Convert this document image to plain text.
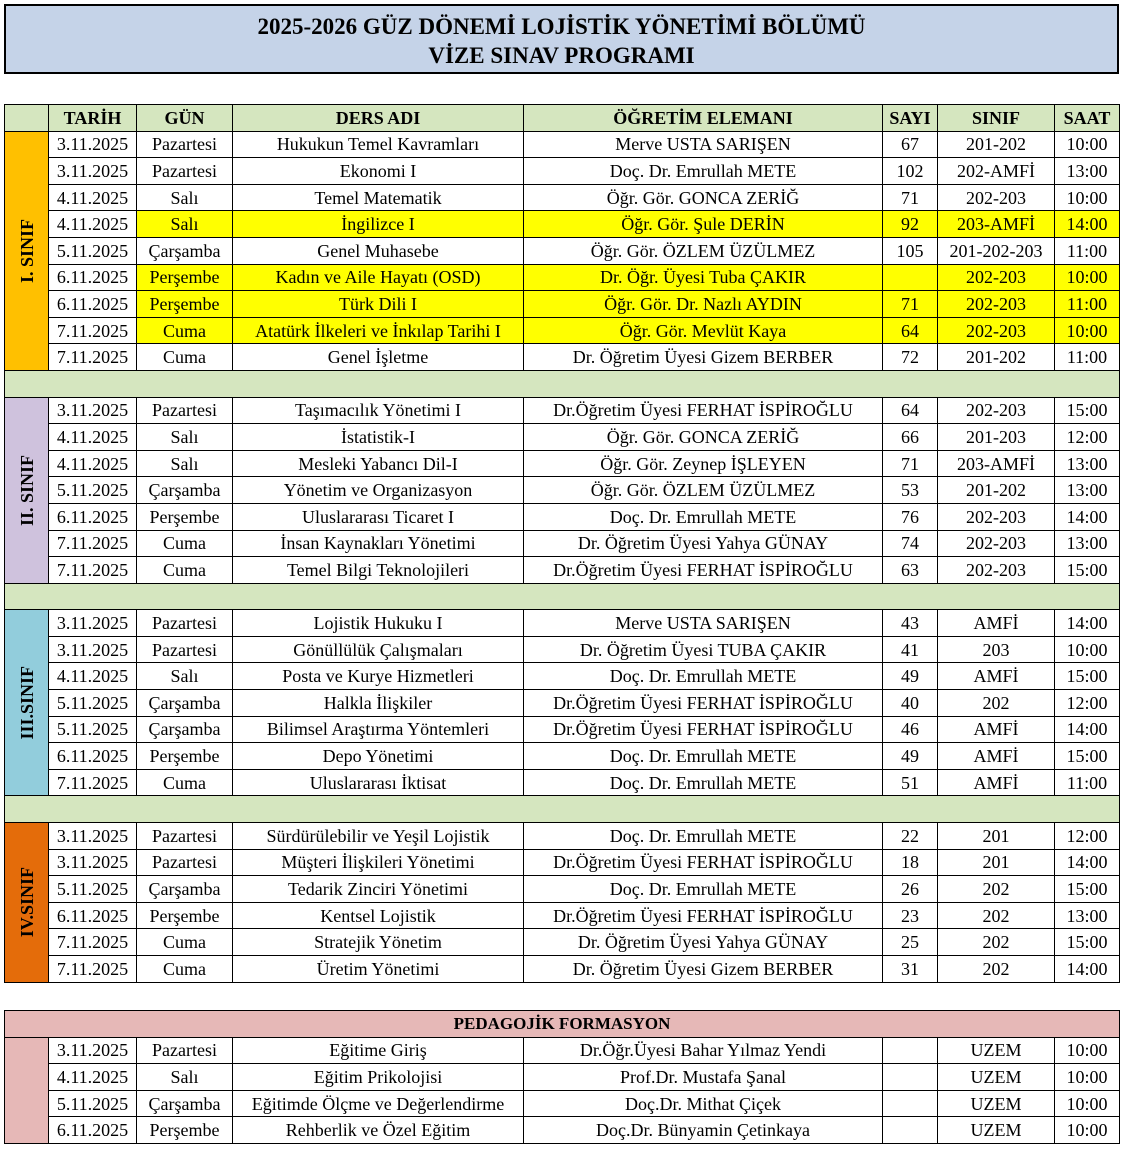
2025-2026 GÜZ DÖNEMİ LOJİSTİK YÖNETİMİ BÖLÜMÜ
VİZE SINAV PROGRAMI
	TARİH	GÜN	DERS ADI	ÖĞRETİM ELEMANI	SAYI	SINIF	SAAT

I. SINIF	3.11.2025	Pazartesi	Hukukun Temel Kavramları	Merve USTA SARIŞEN	67	201-202	10:00
	3.11.2025	Pazartesi	Ekonomi I	Doç. Dr. Emrullah METE	102	202-AMFİ	13:00
	4.11.2025	Salı	Temel Matematik	Öğr. Gör. GONCA ZERİĞ	71	202-203	10:00
	4.11.2025	Salı	İngilizce I	Öğr. Gör. Şule DERİN	92	203-AMFİ	14:00
	5.11.2025	Çarşamba	Genel Muhasebe	Öğr. Gör. ÖZLEM ÜZÜLMEZ	105	201-202-203	11:00
	6.11.2025	Perşembe	Kadın ve Aile Hayatı (OSD)	Dr. Öğr. Üyesi Tuba ÇAKIR		202-203	10:00
	6.11.2025	Perşembe	Türk Dili I	Öğr. Gör. Dr. Nazlı AYDIN	71	202-203	11:00
	7.11.2025	Cuma	Atatürk İlkeleri ve İnkılap Tarihi I	Öğr. Gör. Mevlüt Kaya	64	202-203	10:00
	7.11.2025	Cuma	Genel İşletme	Dr. Öğretim Üyesi Gizem BERBER	72	201-202	11:00

II. SINIF	3.11.2025	Pazartesi	Taşımacılık Yönetimi I	Dr.Öğretim Üyesi FERHAT İSPİROĞLU	64	202-203	15:00
	4.11.2025	Salı	İstatistik-I	Öğr. Gör. GONCA ZERİĞ	66	201-203	12:00
	4.11.2025	Salı	Mesleki Yabancı Dil-I	Öğr. Gör. Zeynep İŞLEYEN	71	203-AMFİ	13:00
	5.11.2025	Çarşamba	Yönetim ve Organizasyon	Öğr. Gör. ÖZLEM ÜZÜLMEZ	53	201-202	13:00
	6.11.2025	Perşembe	Uluslararası Ticaret I	Doç. Dr. Emrullah METE	76	202-203	14:00
	7.11.2025	Cuma	İnsan Kaynakları Yönetimi	Dr. Öğretim Üyesi Yahya GÜNAY	74	202-203	13:00
	7.11.2025	Cuma	Temel Bilgi Teknolojileri	Dr.Öğretim Üyesi FERHAT İSPİROĞLU	63	202-203	15:00

III.SINIF	3.11.2025	Pazartesi	Lojistik Hukuku I	Merve USTA SARIŞEN	43	AMFİ	14:00
	3.11.2025	Pazartesi	Gönüllülük Çalışmaları	Dr. Öğretim Üyesi TUBA ÇAKIR	41	203	10:00
	4.11.2025	Salı	Posta ve Kurye Hizmetleri	Doç. Dr. Emrullah METE	49	AMFİ	15:00
	5.11.2025	Çarşamba	Halkla İlişkiler	Dr.Öğretim Üyesi FERHAT İSPİROĞLU	40	202	12:00
	5.11.2025	Çarşamba	Bilimsel Araştırma Yöntemleri	Dr.Öğretim Üyesi FERHAT İSPİROĞLU	46	AMFİ	14:00
	6.11.2025	Perşembe	Depo Yönetimi	Doç. Dr. Emrullah METE	49	AMFİ	15:00
	7.11.2025	Cuma	Uluslararası İktisat	Doç. Dr. Emrullah METE	51	AMFİ	11:00

IV.SINIF	3.11.2025	Pazartesi	Sürdürülebilir ve Yeşil Lojistik	Doç. Dr. Emrullah METE	22	201	12:00
	3.11.2025	Pazartesi	Müşteri İlişkileri Yönetimi	Dr.Öğretim Üyesi FERHAT İSPİROĞLU	18	201	14:00
	5.11.2025	Çarşamba	Tedarik Zinciri Yönetimi	Doç. Dr. Emrullah METE	26	202	15:00
	6.11.2025	Perşembe	Kentsel Lojistik	Dr.Öğretim Üyesi FERHAT İSPİROĞLU	23	202	13:00
	7.11.2025	Cuma	Stratejik Yönetim	Dr. Öğretim Üyesi Yahya GÜNAY	25	202	15:00
	7.11.2025	Cuma	Üretim Yönetimi	Dr. Öğretim Üyesi Gizem BERBER	31	202	14:00
PEDAGOJİK FORMASYON							
	3.11.2025	Pazartesi	Eğitime Giriş	Dr.Öğr.Üyesi Bahar Yılmaz Yendi		UZEM	10:00
	4.11.2025	Salı	Eğitim Prikolojisi	Prof.Dr. Mustafa Şanal		UZEM	10:00
	5.11.2025	Çarşamba	Eğitimde Ölçme ve Değerlendirme	Doç.Dr. Mithat Çiçek		UZEM	10:00
	6.11.2025	Perşembe	Rehberlik ve Özel Eğitim	Doç.Dr. Bünyamin Çetinkaya		UZEM	10:00
